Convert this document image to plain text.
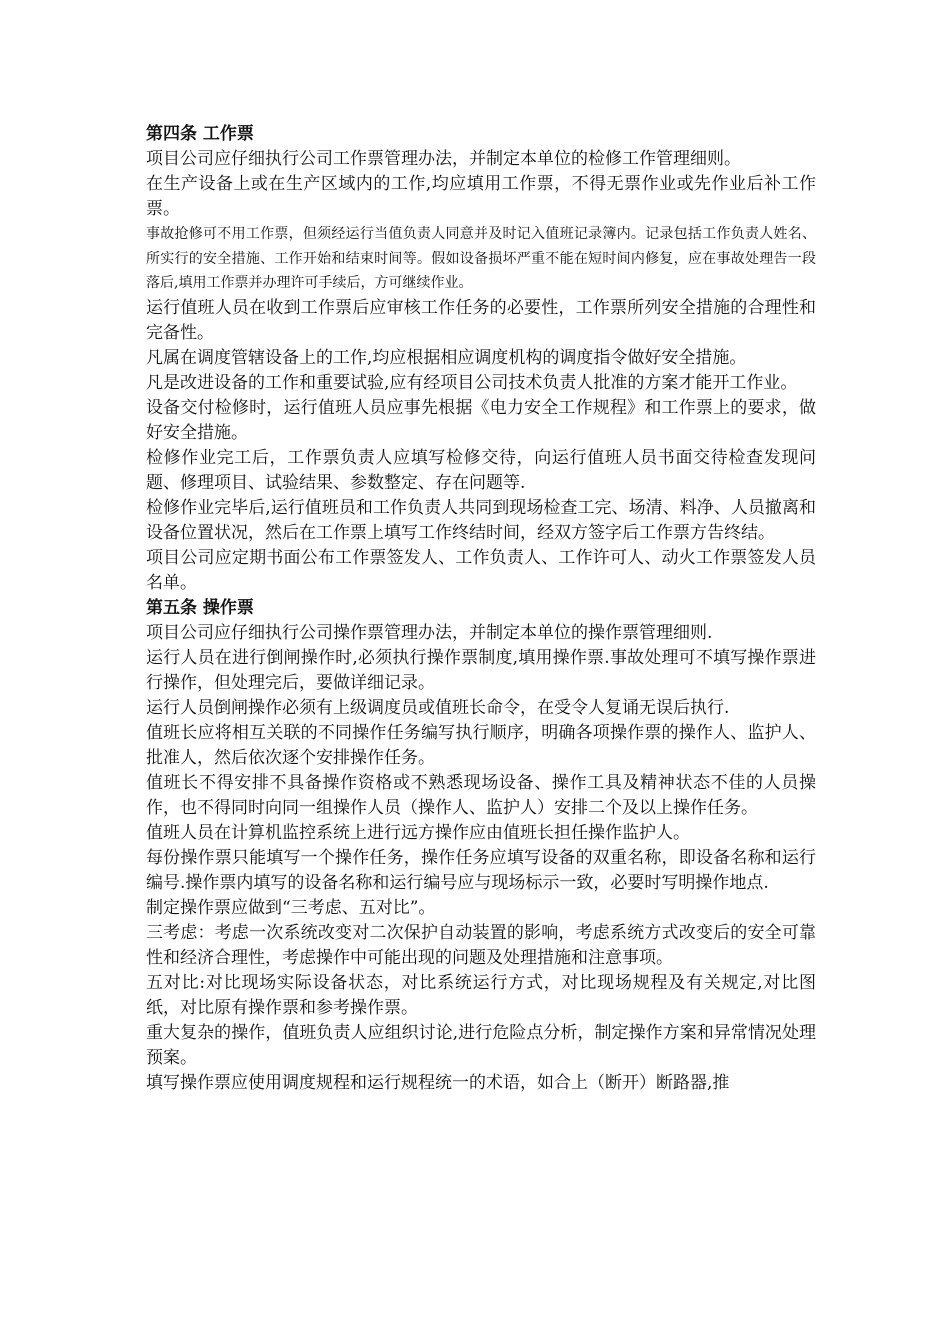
第四条 工作票

项目公司应仔细执行公司工作票管理办法，并制定本单位的检修工作管理细则。

在生产设备上或在生产区域内的工作,均应填用工作票，不得无票作业或先作业后补工作票。

事故抢修可不用工作票，但须经运行当值负责人同意并及时记入值班记录簿内。记录包括工作负责人姓名、所实行的安全措施、工作开始和结束时间等。假如设备损坏严重不能在短时间内修复，应在事故处理告一段落后,填用工作票并办理许可手续后，方可继续作业。

运行值班人员在收到工作票后应审核工作任务的必要性，工作票所列安全措施的合理性和完备性。

凡属在调度管辖设备上的工作,均应根据相应调度机构的调度指令做好安全措施。

凡是改进设备的工作和重要试验,应有经项目公司技术负责人批准的方案才能开工作业。

设备交付检修时，运行值班人员应事先根据《电力安全工作规程》和工作票上的要求，做好安全措施。

检修作业完工后，工作票负责人应填写检修交待，向运行值班人员书面交待检查发现问题、修理项目、试验结果、参数整定、存在问题等.

检修作业完毕后,运行值班员和工作负责人共同到现场检查工完、场清、料净、人员撤离和设备位置状况，然后在工作票上填写工作终结时间，经双方签字后工作票方告终结。

项目公司应定期书面公布工作票签发人、工作负责人、工作许可人、动火工作票签发人员名单。

第五条 操作票

项目公司应仔细执行公司操作票管理办法，并制定本单位的操作票管理细则.

运行人员在进行倒闸操作时,必须执行操作票制度,填用操作票.事故处理可不填写操作票进行操作，但处理完后，要做详细记录。

运行人员倒闸操作必须有上级调度员或值班长命令，在受令人复诵无误后执行.

值班长应将相互关联的不同操作任务编写执行顺序，明确各项操作票的操作人、监护人、批准人，然后依次逐个安排操作任务。

值班长不得安排不具备操作资格或不熟悉现场设备、操作工具及精神状态不佳的人员操作，也不得同时向同一组操作人员（操作人、监护人）安排二个及以上操作任务。

值班人员在计算机监控系统上进行远方操作应由值班长担任操作监护人。

每份操作票只能填写一个操作任务，操作任务应填写设备的双重名称，即设备名称和运行编号.操作票内填写的设备名称和运行编号应与现场标示一致，必要时写明操作地点.

制定操作票应做到“三考虑、五对比”。

三考虑：考虑一次系统改变对二次保护自动装置的影响，考虑系统方式改变后的安全可靠性和经济合理性，考虑操作中可能出现的问题及处理措施和注意事项。

五对比:对比现场实际设备状态，对比系统运行方式，对比现场规程及有关规定,对比图纸，对比原有操作票和参考操作票。

重大复杂的操作，值班负责人应组织讨论,进行危险点分析，制定操作方案和异常情况处理预案。

填写操作票应使用调度规程和运行规程统一的术语，如合上（断开）断路器,推
